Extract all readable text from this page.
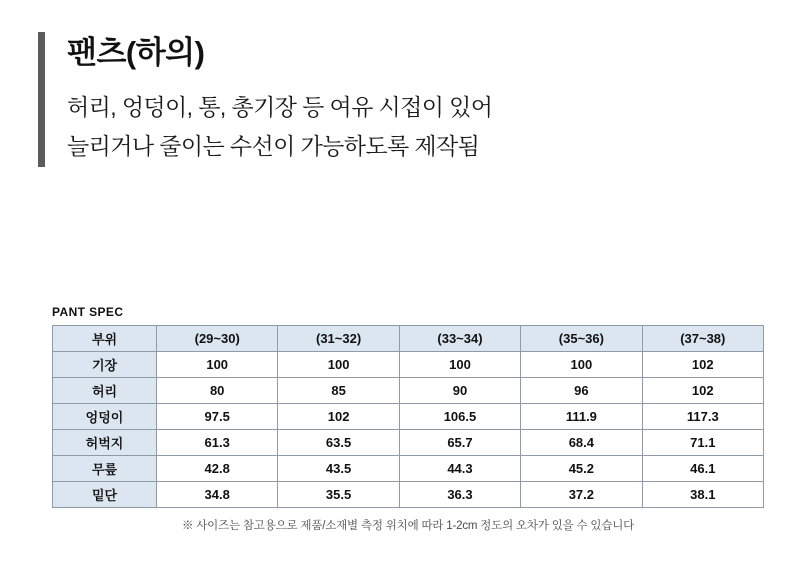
팬츠(하의)

허리, 엉덩이, 통, 총기장 등 여유 시접이 있어

늘리거나 줄이는 수선이 가능하도록 제작됨

PANT SPEC
부위	(29~30)	(31~32)	(33~34)	(35~36)	(37~38)
기장	100	100	100	100	102
허리	80	85	90	96	102
엉덩이	97.5	102	106.5	111.9	117.3
허벅지	61.3	63.5	65.7	68.4	71.1
무릎	42.8	43.5	44.3	45.2	46.1
밑단	34.8	35.5	36.3	37.2	38.1
※ 사이즈는 참고용으로 제품/소재별 측정 위치에 따라 1-2cm 정도의 오차가 있을 수 있습니다
